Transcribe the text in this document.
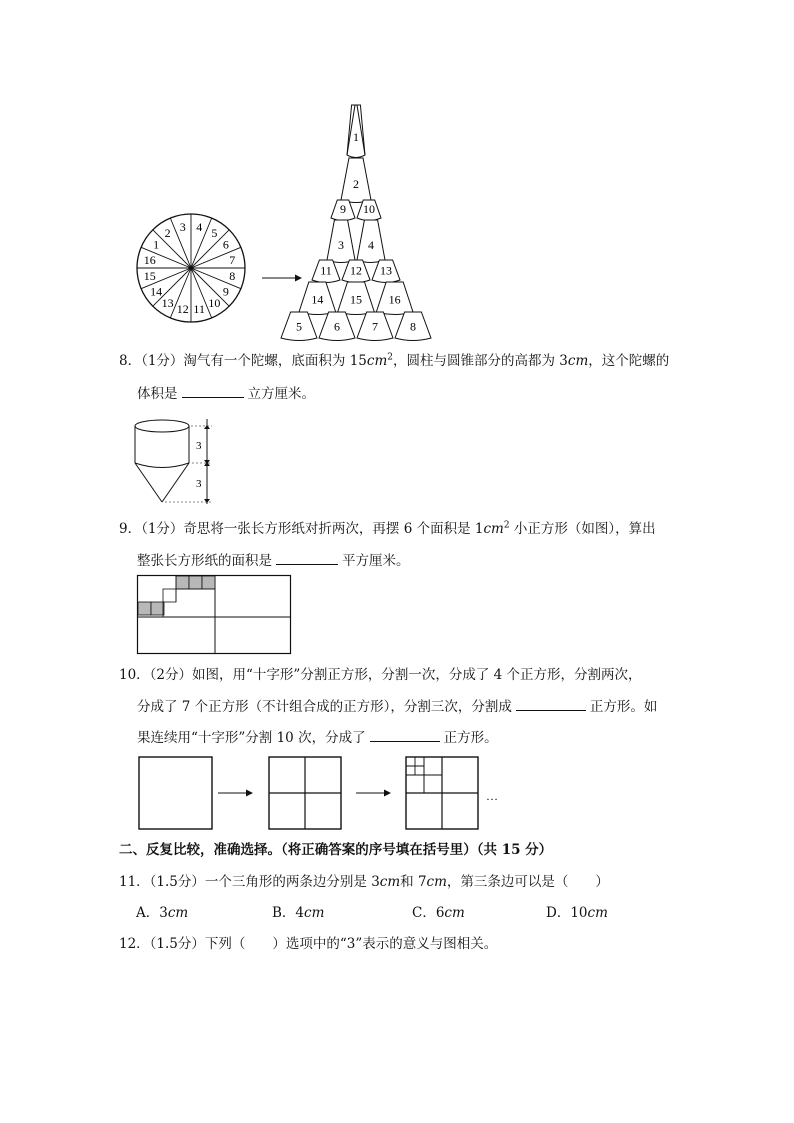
4 5
6
7
8
9
10
11
12
13
14
15
16
1
2 3
1
2
9 10
3 4
11 12 13
14 15 16
5	6	7	8
8．（1分）淘气有一个陀螺，底面积为 $15cm^2$，圆柱与圆锥部分的高都为 3cm，这个陀螺的
体积是	立方厘米。
3
3
9．（1分）奇思将一张长方形纸对折两次，再摆 6 个面积是 $1cm^2$ 小正方形（如图），算出
整张长方形纸的面积是	平方厘米。
10．（2分）如图，用“十字形”分割正方形，分割一次，分成了 4 个正方形，分割两次，
分成了 7 个正方形（不计组合成的正方形），分割三次，分割成	正方形。如
果连续用“十字形”分割 10 次，分成了	正方形。
…
二、反复比较，准确选择。（将正确答案的序号填在括号里）（共 15 分）
11．（1.5分）一个三角形的两条边分别是 3cm和 7cm，第三条边可以是（　　）
A．3cm	B．4cm	C．6cm	D．10cm
12．（1.5分）下列（　　）选项中的“3”表示的意义与图相关。
